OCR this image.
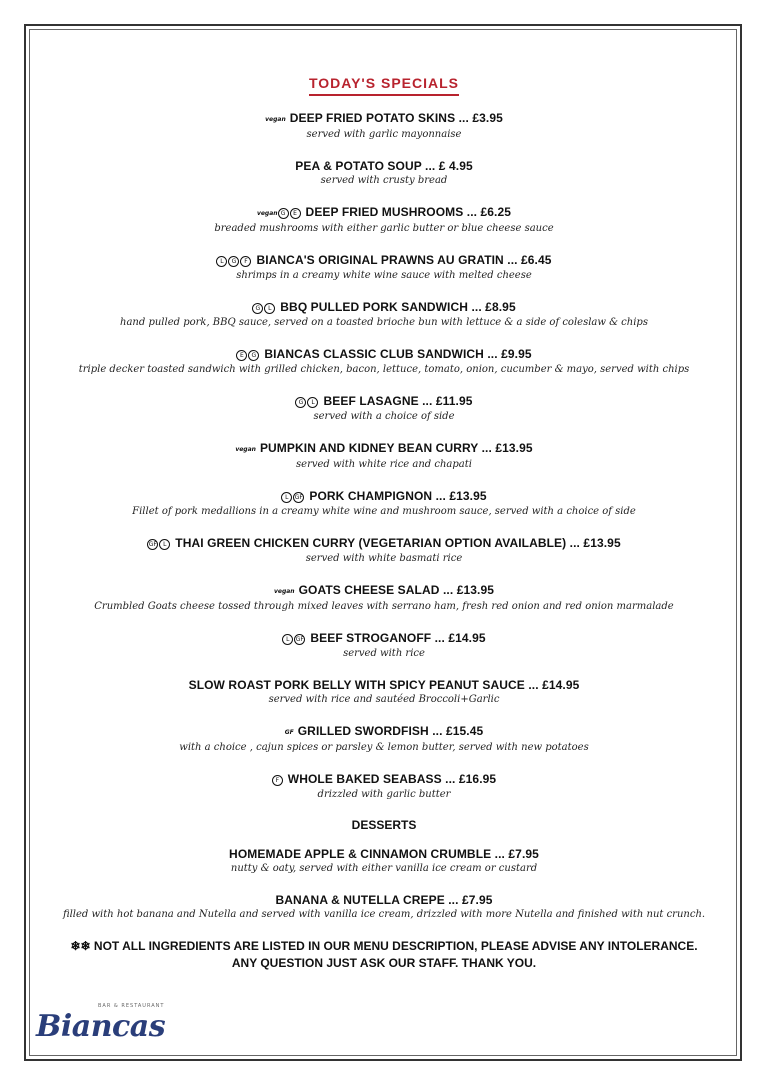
TODAY'S SPECIALS
vegan DEEP FRIED POTATO SKINS ... £3.95
served with garlic mayonnaise
PEA & POTATO SOUP ... £ 4.95
served with crusty bread
vegan G E DEEP FRIED MUSHROOMS ... £6.25
breaded mushrooms with either garlic butter or blue cheese sauce
L G F BIANCA'S ORIGINAL PRAWNS AU GRATIN ... £6.45
shrimps in a creamy white wine sauce with melted cheese
G L BBQ PULLED PORK SANDWICH ... £8.95
hand pulled pork, BBQ sauce, served on a toasted brioche bun with lettuce & a side of coleslaw & chips
E G BIANCAS CLASSIC CLUB SANDWICH ... £9.95
triple decker toasted sandwich with grilled chicken, bacon, lettuce, tomato, onion, cucumber & mayo, served with chips
G L BEEF LASAGNE ... £11.95
served with a choice of side
vegan PUMPKIN AND KIDNEY BEAN CURRY ... £13.95
served with white rice and chapati
L GF PORK CHAMPIGNON ... £13.95
Fillet of pork medallions in a creamy white wine and mushroom sauce, served with a choice of side
GF L THAI GREEN CHICKEN CURRY (VEGETARIAN OPTION AVAILABLE) ... £13.95
served with white basmati rice
vegan GOATS CHEESE SALAD ... £13.95
Crumbled Goats cheese tossed through mixed leaves with serrano ham, fresh red onion and red onion marmalade
L GF BEEF STROGANOFF ... £14.95
served with rice
SLOW ROAST PORK BELLY WITH SPICY PEANUT SAUCE ... £14.95
served with rice and sautéed Broccoli+Garlic
GF GRILLED SWORDFISH ... £15.45
with a choice , cajun spices or parsley & lemon butter, served with new potatoes
F WHOLE BAKED SEABASS ... £16.95
drizzled with garlic butter
DESSERTS
HOMEMADE APPLE & CINNAMON CRUMBLE ... £7.95
nutty & oaty, served with either vanilla ice cream or custard
BANANA & NUTELLA CREPE ... £7.95
filled with hot banana and Nutella and served with vanilla ice cream, drizzled with more Nutella and finished with nut crunch.
❄❄ NOT ALL INGREDIENTS ARE LISTED IN OUR MENU DESCRIPTION, PLEASE ADVISE ANY INTOLERANCE. ANY QUESTION JUST ASK OUR STAFF. THANK YOU.
BAR & RESTAURANT
Biancas
